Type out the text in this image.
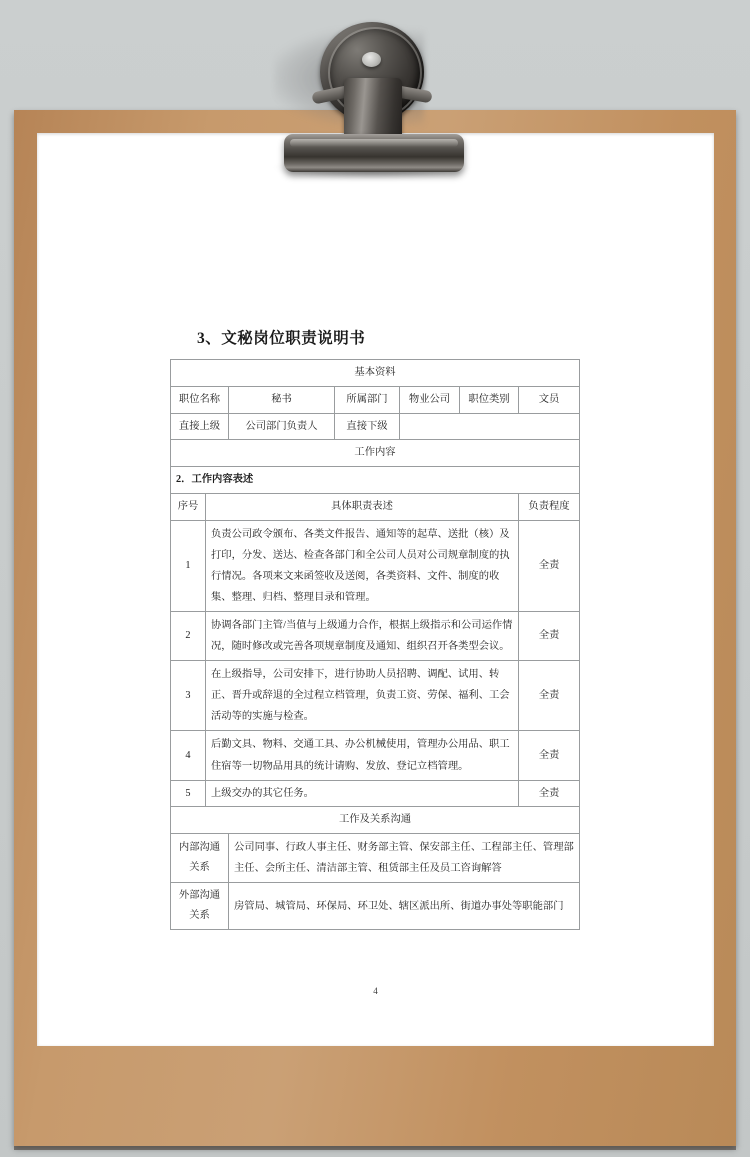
3、文秘岗位职责说明书
基本资料						
职位名称		秘书	所属部门	物业公司	职位类别	文员
直接上级		公司部门负责人	直接下级			
工作内容						
2．工作内容表述						
序号	具体职责表述					负责程度
1	负责公司政令颁布、各类文件报告、通知等的起草、送批（核）及打印，分发、送达、检查各部门和全公司人员对公司规章制度的执行情况。各项来文来函签收及送阅，各类资料、文件、制度的收集、整理、归档、整理目录和管理。					全责
2	协调各部门主管/当值与上级通力合作，根据上级指示和公司运作情况，随时修改或完善各项规章制度及通知、组织召开各类型会议。					全责
3	在上级指导，公司安排下，进行协助人员招聘、调配、试用、转正、晋升或辞退的全过程立档管理，负责工资、劳保、福利、工会活动等的实施与检查。					全责
4	后勤文具、物料、交通工具、办公机械使用，管理办公用品、职工住宿等一切物品用具的统计请购、发放、登记立档管理。					全责
5	上级交办的其它任务。					全责
工作及关系沟通						
内部沟通关系		公司同事、行政人事主任、财务部主管、保安部主任、工程部主任、管理部主任、会所主任、清洁部主管、租赁部主任及员工咨询解答				
外部沟通关系		房管局、城管局、环保局、环卫处、辖区派出所、街道办事处等职能部门				
4
